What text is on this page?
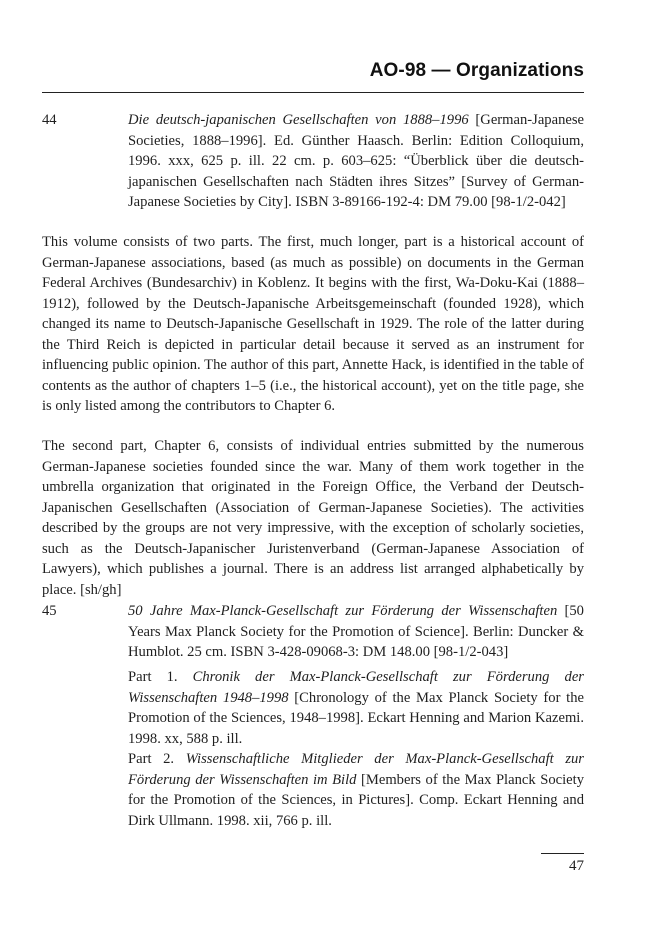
AO-98 — Organizations
44	Die deutsch-japanischen Gesellschaften von 1888–1996 [German-Japanese Societies, 1888–1996]. Ed. Günther Haasch. Berlin: Edition Colloquium, 1996. xxx, 625 p. ill. 22 cm. p. 603–625: “Überblick über die deutsch-japanischen Gesellschaften nach Städten ihres Sitzes” [Survey of German-Japanese Societies by City]. ISBN 3-89166-192-4: DM 79.00 [98-1/2-042]

This volume consists of two parts. The first, much longer, part is a historical account of German-Japanese associations, based (as much as possible) on documents in the German Federal Archives (Bundesarchiv) in Koblenz. It begins with the first, Wa-Doku-Kai (1888–1912), followed by the Deutsch-Japanische Arbeitsgemeinschaft (founded 1928), which changed its name to Deutsch-Japanische Gesellschaft in 1929. The role of the latter during the Third Reich is depicted in particular detail because it served as an instrument for influencing public opinion. The author of this part, Annette Hack, is identified in the table of contents as the author of chapters 1–5 (i.e., the historical account), yet on the title page, she is only listed among the contributors to Chapter 6.

The second part, Chapter 6, consists of individual entries submitted by the numerous German-Japanese societies founded since the war. Many of them work together in the umbrella organization that originated in the Foreign Office, the Verband der Deutsch-Japanischen Gesellschaften (Association of German-Japanese Societies). The activities described by the groups are not very impressive, with the exception of scholarly societies, such as the Deutsch-Japanischer Juristenverband (German-Japanese Association of Lawyers), which publishes a journal. There is an address list arranged alphabetically by place. [sh/gh]

45	50 Jahre Max-Planck-Gesellschaft zur Förderung der Wissenschaften [50 Years Max Planck Society for the Promotion of Science]. Berlin: Duncker & Humblot. 25 cm. ISBN 3-428-09068-3: DM 148.00 [98-1/2-043]

Part 1. Chronik der Max-Planck-Gesellschaft zur Förderung der Wissenschaften 1948–1998 [Chronology of the Max Planck Society for the Promotion of the Sciences, 1948–1998]. Eckart Henning and Marion Kazemi. 1998. xx, 588 p. ill.

Part 2. Wissenschaftliche Mitglieder der Max-Planck-Gesellschaft zur Förderung der Wissenschaften im Bild [Members of the Max Planck Society for the Promotion of the Sciences, in Pictures]. Comp. Eckart Henning and Dirk Ullmann. 1998. xii, 766 p. ill.

47
